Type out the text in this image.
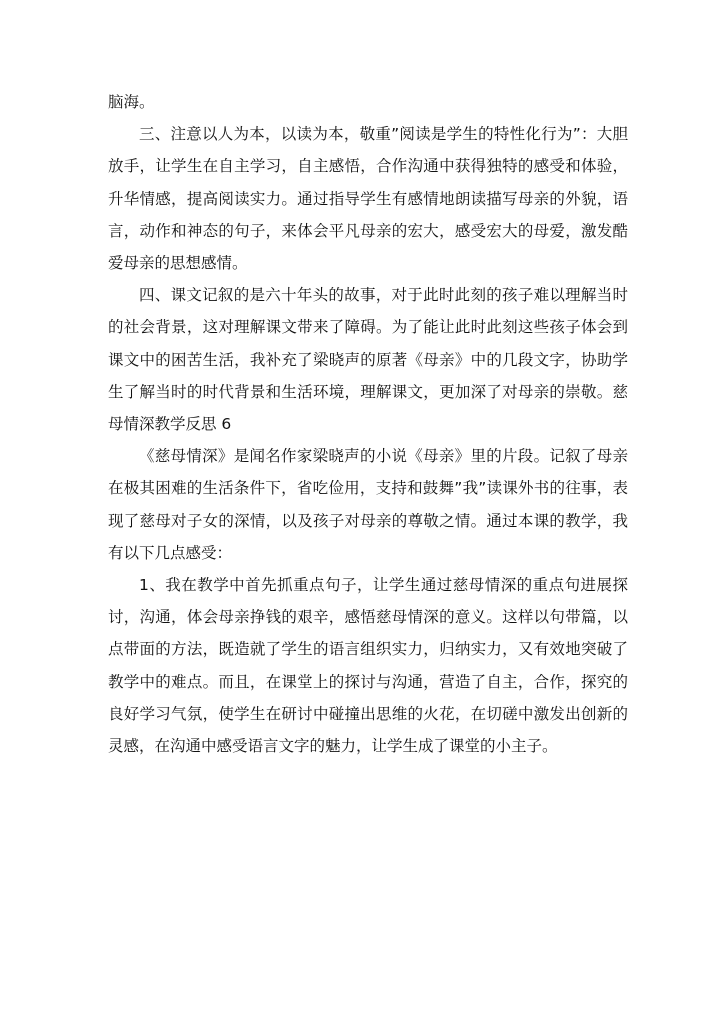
脑海。

三、注意以人为本，以读为本，敬重”阅读是学生的特性化行为”：大胆放手，让学生在自主学习，自主感悟，合作沟通中获得独特的感受和体验，升华情感，提高阅读实力。通过指导学生有感情地朗读描写母亲的外貌，语言，动作和神态的句子，来体会平凡母亲的宏大，感受宏大的母爱，激发酷爱母亲的思想感情。

四、课文记叙的是六十年头的故事，对于此时此刻的孩子难以理解当时的社会背景，这对理解课文带来了障碍。为了能让此时此刻这些孩子体会到课文中的困苦生活，我补充了梁晓声的原著《母亲》中的几段文字，协助学生了解当时的时代背景和生活环境，理解课文，更加深了对母亲的崇敬。慈母情深教学反思 6

《慈母情深》是闻名作家梁晓声的小说《母亲》里的片段。记叙了母亲在极其困难的生活条件下，省吃俭用，支持和鼓舞”我”读课外书的往事，表现了慈母对子女的深情，以及孩子对母亲的尊敬之情。通过本课的教学，我有以下几点感受：

1、我在教学中首先抓重点句子，让学生通过慈母情深的重点句进展探讨，沟通，体会母亲挣钱的艰辛，感悟慈母情深的意义。这样以句带篇，以点带面的方法，既造就了学生的语言组织实力，归纳实力，又有效地突破了教学中的难点。而且，在课堂上的探讨与沟通，营造了自主，合作，探究的良好学习气氛，使学生在研讨中碰撞出思维的火花，在切磋中激发出创新的灵感，在沟通中感受语言文字的魅力，让学生成了课堂的小主子。
